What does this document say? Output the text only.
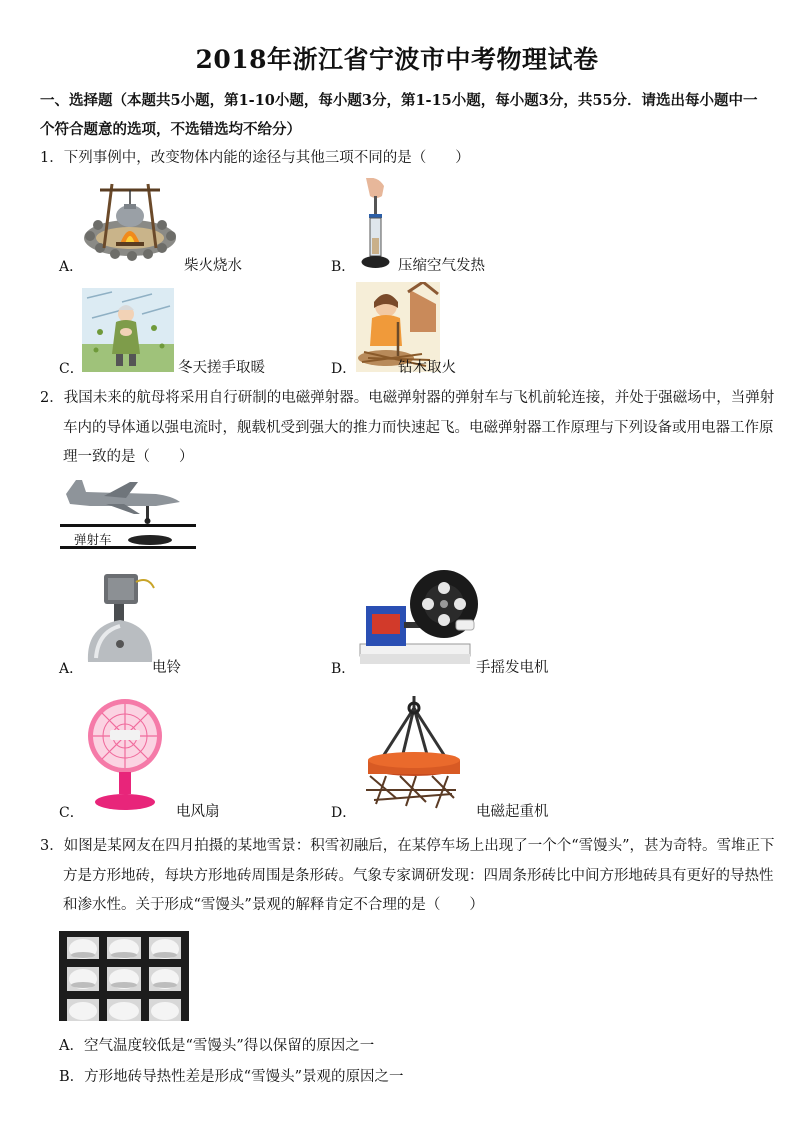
2018年浙江省宁波市中考物理试卷
一、选择题（本题共5小题，第1-10小题，每小题3分，第1-15小题，每小题3分，共55分．请选出每小题中一个符合题意的选项，不选错选均不给分）
1．下列事例中，改变物体内能的途径与其他三项不同的是（　　）
A．	柴火烧水	B．	压缩空气发热
C．	冬天搓手取暖	D．	钻木取火
2．我国未来的航母将采用自行研制的电磁弹射器。电磁弹射器的弹射车与飞机前轮连接，并处于强磁场中，当弹射车内的导体通以强电流时，舰载机受到强大的推力而快速起飞。电磁弹射器工作原理与下列设备或用电器工作原理一致的是（　　）
弹射车
A．	电铃	B．	手摇发电机
C．	电风扇	D．	电磁起重机
3．如图是某网友在四月拍摄的某地雪景：积雪初融后，在某停车场上出现了一个个“雪馒头”，甚为奇特。雪堆正下方是方形地砖，每块方形地砖周围是条形砖。气象专家调研发现：四周条形砖比中间方形地砖具有更好的导热性和渗水性。关于形成“雪馒头”景观的解释肯定不合理的是（　　）
A．空气温度较低是“雪馒头”得以保留的原因之一
B．方形地砖导热性差是形成“雪馒头”景观的原因之一
